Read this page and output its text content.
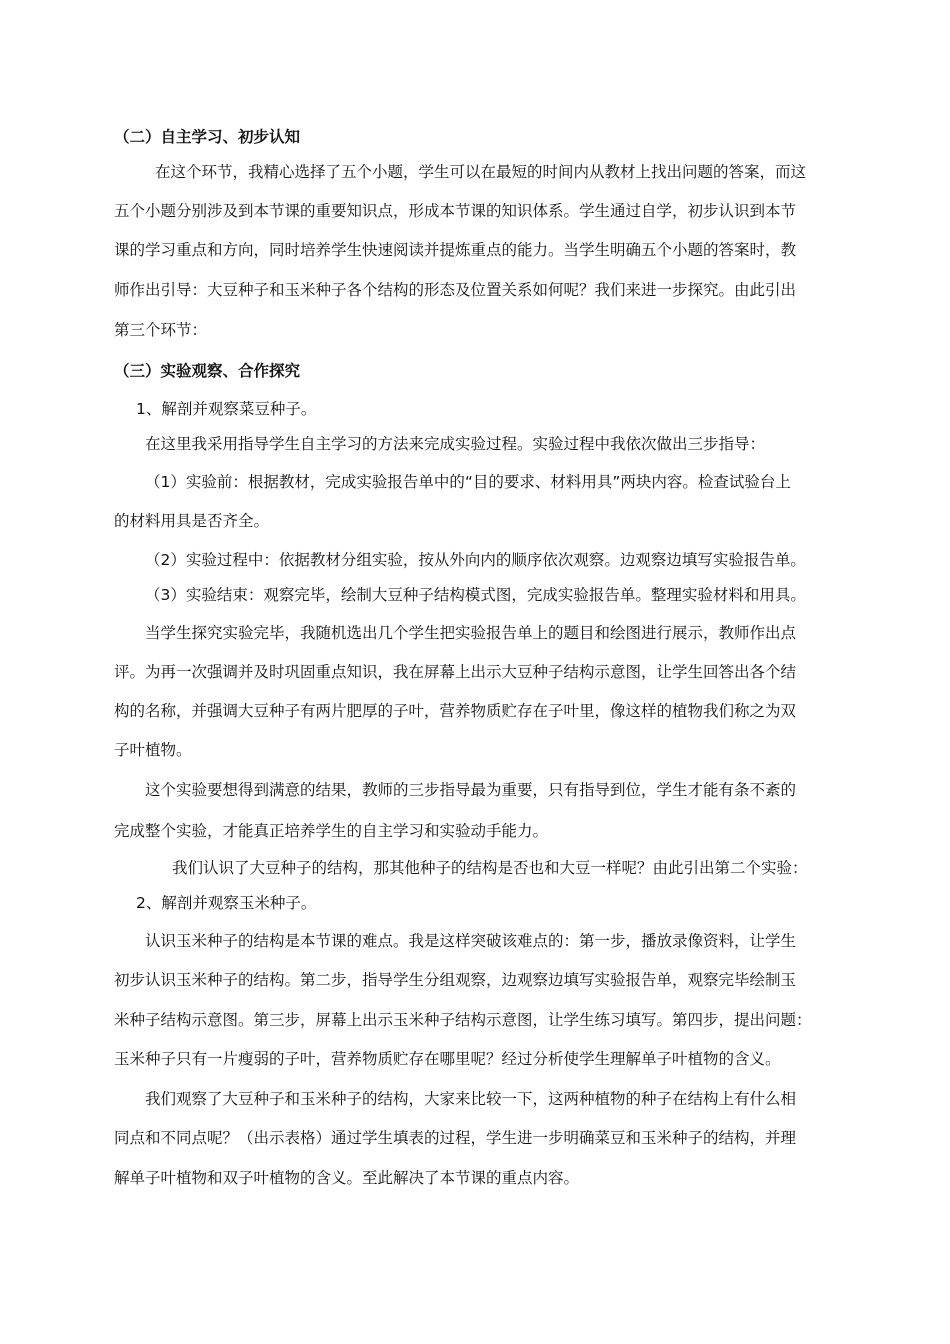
（二）自主学习、初步认知
在这个环节，我精心选择了五个小题，学生可以在最短的时间内从教材上找出问题的答案，而这
五个小题分别涉及到本节课的重要知识点，形成本节课的知识体系。学生通过自学，初步认识到本节
课的学习重点和方向，同时培养学生快速阅读并提炼重点的能力。当学生明确五个小题的答案时，教
师作出引导：大豆种子和玉米种子各个结构的形态及位置关系如何呢？我们来进一步探究。由此引出
第三个环节：
（三）实验观察、合作探究
1、解剖并观察菜豆种子。
在这里我采用指导学生自主学习的方法来完成实验过程。实验过程中我依次做出三步指导：
（1）实验前：根据教材，完成实验报告单中的“目的要求、材料用具”两块内容。检查试验台上
的材料用具是否齐全。
（2）实验过程中：依据教材分组实验，按从外向内的顺序依次观察。边观察边填写实验报告单。
（3）实验结束：观察完毕，绘制大豆种子结构模式图，完成实验报告单。整理实验材料和用具。
当学生探究实验完毕，我随机选出几个学生把实验报告单上的题目和绘图进行展示，教师作出点
评。为再一次强调并及时巩固重点知识，我在屏幕上出示大豆种子结构示意图，让学生回答出各个结
构的名称，并强调大豆种子有两片肥厚的子叶，营养物质贮存在子叶里，像这样的植物我们称之为双
子叶植物。
这个实验要想得到满意的结果，教师的三步指导最为重要，只有指导到位，学生才能有条不紊的
完成整个实验，才能真正培养学生的自主学习和实验动手能力。
我们认识了大豆种子的结构，那其他种子的结构是否也和大豆一样呢？由此引出第二个实验：
2、解剖并观察玉米种子。
认识玉米种子的结构是本节课的难点。我是这样突破该难点的：第一步，播放录像资料，让学生
初步认识玉米种子的结构。第二步，指导学生分组观察，边观察边填写实验报告单，观察完毕绘制玉
米种子结构示意图。第三步，屏幕上出示玉米种子结构示意图，让学生练习填写。第四步，提出问题：
玉米种子只有一片瘦弱的子叶，营养物质贮存在哪里呢？经过分析使学生理解单子叶植物的含义。
我们观察了大豆种子和玉米种子的结构，大家来比较一下，这两种植物的种子在结构上有什么相
同点和不同点呢？（出示表格）通过学生填表的过程，学生进一步明确菜豆和玉米种子的结构，并理
解单子叶植物和双子叶植物的含义。至此解决了本节课的重点内容。
